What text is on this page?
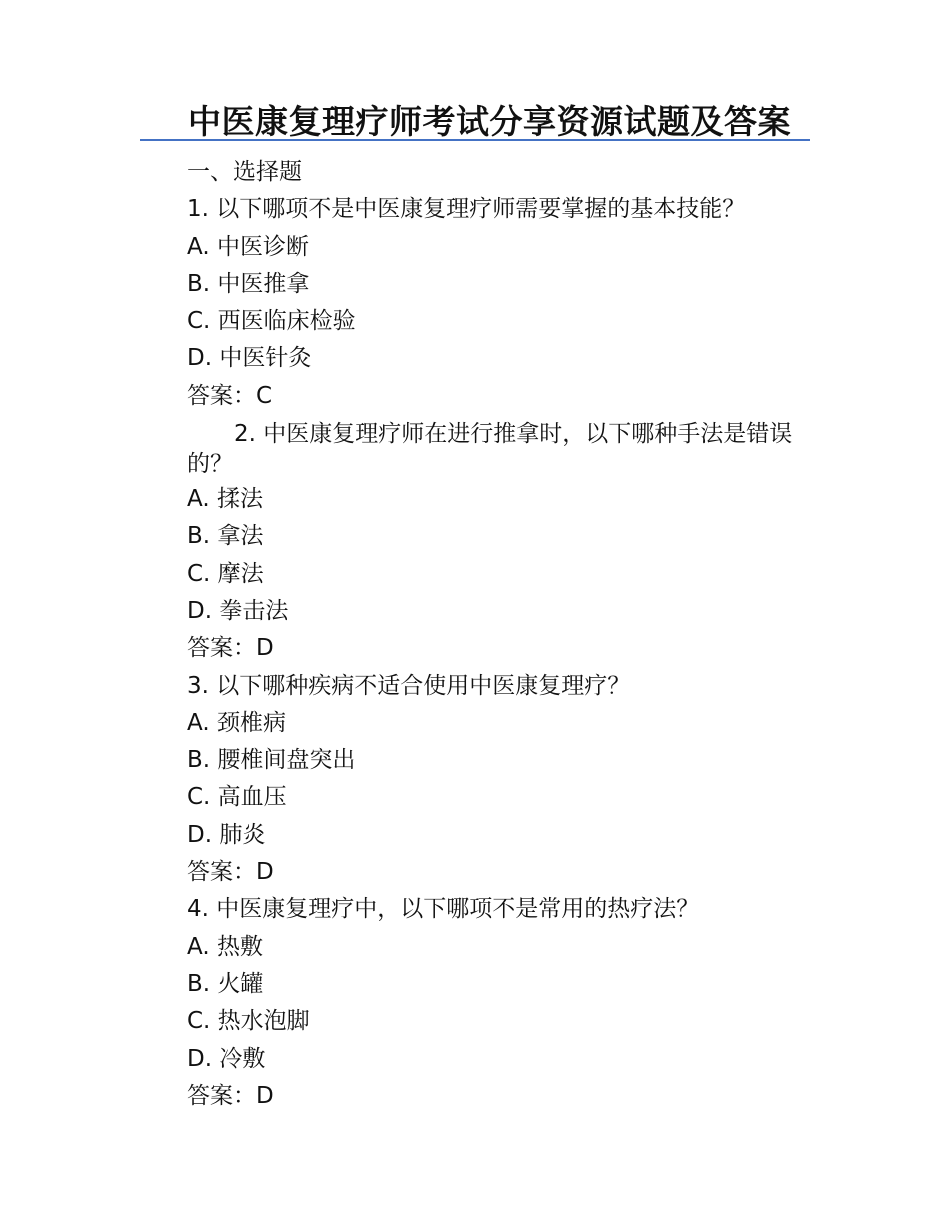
中医康复理疗师考试分享资源试题及答案
一、选择题
1. 以下哪项不是中医康复理疗师需要掌握的基本技能？
A. 中医诊断
B. 中医推拿
C. 西医临床检验
D. 中医针灸
答案：C
2. 中医康复理疗师在进行推拿时，以下哪种手法是错误的？
A. 揉法
B. 拿法
C. 摩法
D. 拳击法
答案：D
3. 以下哪种疾病不适合使用中医康复理疗？
A. 颈椎病
B. 腰椎间盘突出
C. 高血压
D. 肺炎
答案：D
4. 中医康复理疗中，以下哪项不是常用的热疗法？
A. 热敷
B. 火罐
C. 热水泡脚
D. 冷敷
答案：D
